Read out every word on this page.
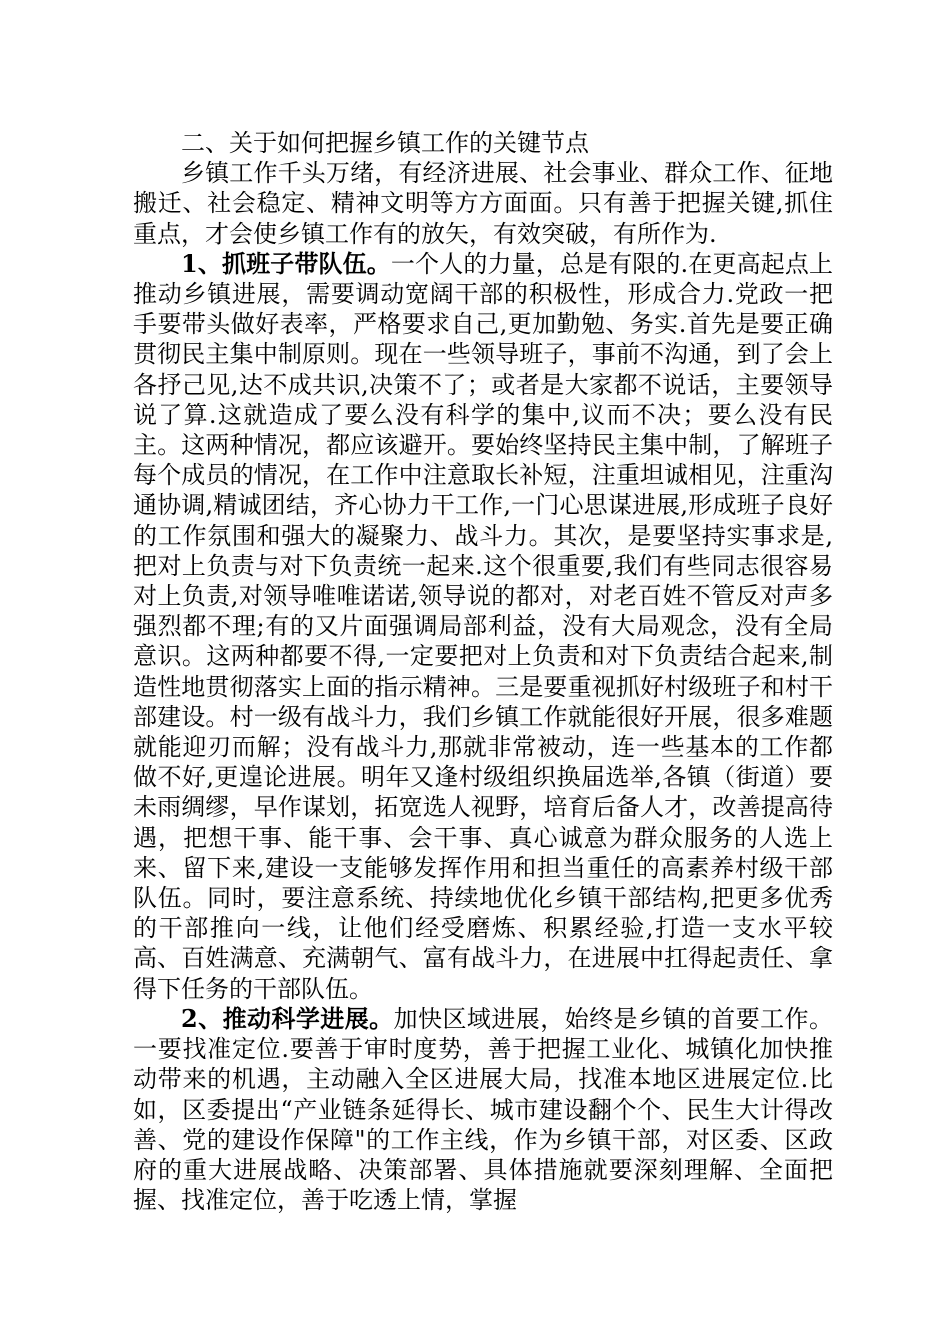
二、关于如何把握乡镇工作的关键节点

乡镇工作千头万绪，有经济进展、社会事业、群众工作、征地搬迁、社会稳定、精神文明等方方面面。只有善于把握关键,抓住重点，才会使乡镇工作有的放矢，有效突破，有所作为.

1、抓班子带队伍。一个人的力量，总是有限的.在更高起点上推动乡镇进展，需要调动宽阔干部的积极性，形成合力.党政一把手要带头做好表率，严格要求自己,更加勤勉、务实.首先是要正确贯彻民主集中制原则。现在一些领导班子，事前不沟通，到了会上各抒己见,达不成共识,决策不了；或者是大家都不说话，主要领导说了算.这就造成了要么没有科学的集中,议而不决；要么没有民主。这两种情况，都应该避开。要始终坚持民主集中制，了解班子每个成员的情况，在工作中注意取长补短，注重坦诚相见，注重沟通协调,精诚团结，齐心协力干工作,一门心思谋进展,形成班子良好的工作氛围和强大的凝聚力、战斗力。其次，是要坚持实事求是,把对上负责与对下负责统一起来.这个很重要,我们有些同志很容易对上负责,对领导唯唯诺诺,领导说的都对，对老百姓不管反对声多强烈都不理;有的又片面强调局部利益，没有大局观念，没有全局意识。这两种都要不得,一定要把对上负责和对下负责结合起来,制造性地贯彻落实上面的指示精神。三是要重视抓好村级班子和村干部建设。村一级有战斗力，我们乡镇工作就能很好开展，很多难题就能迎刃而解；没有战斗力,那就非常被动，连一些基本的工作都做不好,更遑论进展。明年又逢村级组织换届选举,各镇（街道）要未雨绸缪，早作谋划，拓宽选人视野，培育后备人才，改善提高待遇，把想干事、能干事、会干事、真心诚意为群众服务的人选上来、留下来,建设一支能够发挥作用和担当重任的高素养村级干部队伍。同时，要注意系统、持续地优化乡镇干部结构,把更多优秀的干部推向一线，让他们经受磨炼、积累经验,打造一支水平较高、百姓满意、充满朝气、富有战斗力，在进展中扛得起责任、拿得下任务的干部队伍。

2、推动科学进展。加快区域进展，始终是乡镇的首要工作。一要找准定位.要善于审时度势，善于把握工业化、城镇化加快推动带来的机遇，主动融入全区进展大局，找准本地区进展定位.比如，区委提出“产业链条延得长、城市建设翻个个、民生大计得改善、党的建设作保障"的工作主线，作为乡镇干部，对区委、区政府的重大进展战略、决策部署、具体措施就要深刻理解、全面把握、找准定位，善于吃透上情，掌握
